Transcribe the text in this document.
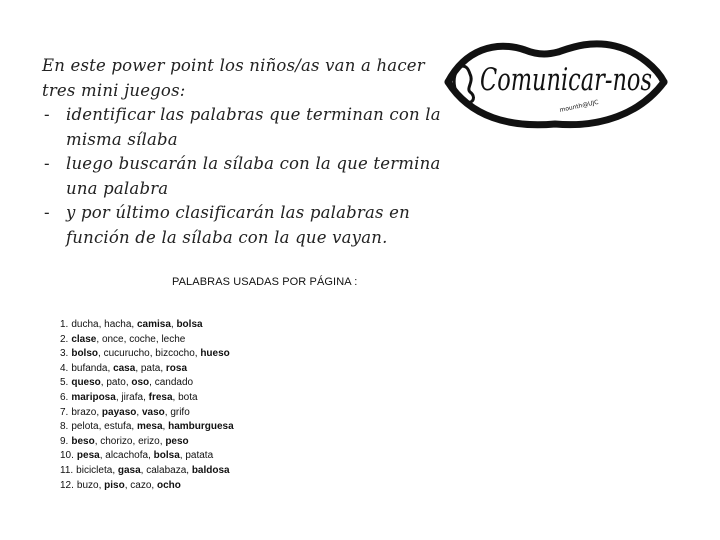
En este power point los niños/as van a hacer tres mini juegos:

- identificar las palabras que terminan con la misma sílaba
- luego buscarán la sílaba con la que termina una palabra
- y por último clasificarán las palabras en función de la sílaba con la que vayan.
Comunicar-nos
mounth@UJC
PALABRAS USADAS POR PÁGINA :
1. ducha, hacha, camisa, bolsa
2. clase, once, coche, leche
3. bolso, cucurucho, bizcocho, hueso
4. bufanda, casa, pata, rosa
5. queso, pato, oso, candado
6. mariposa, jirafa, fresa, bota
7. brazo, payaso, vaso, grifo
8. pelota, estufa, mesa, hamburguesa
9. beso, chorizo, erizo, peso
10. pesa, alcachofa, bolsa, patata
11. bicicleta, gasa, calabaza, baldosa
12. buzo, piso, cazo, ocho
